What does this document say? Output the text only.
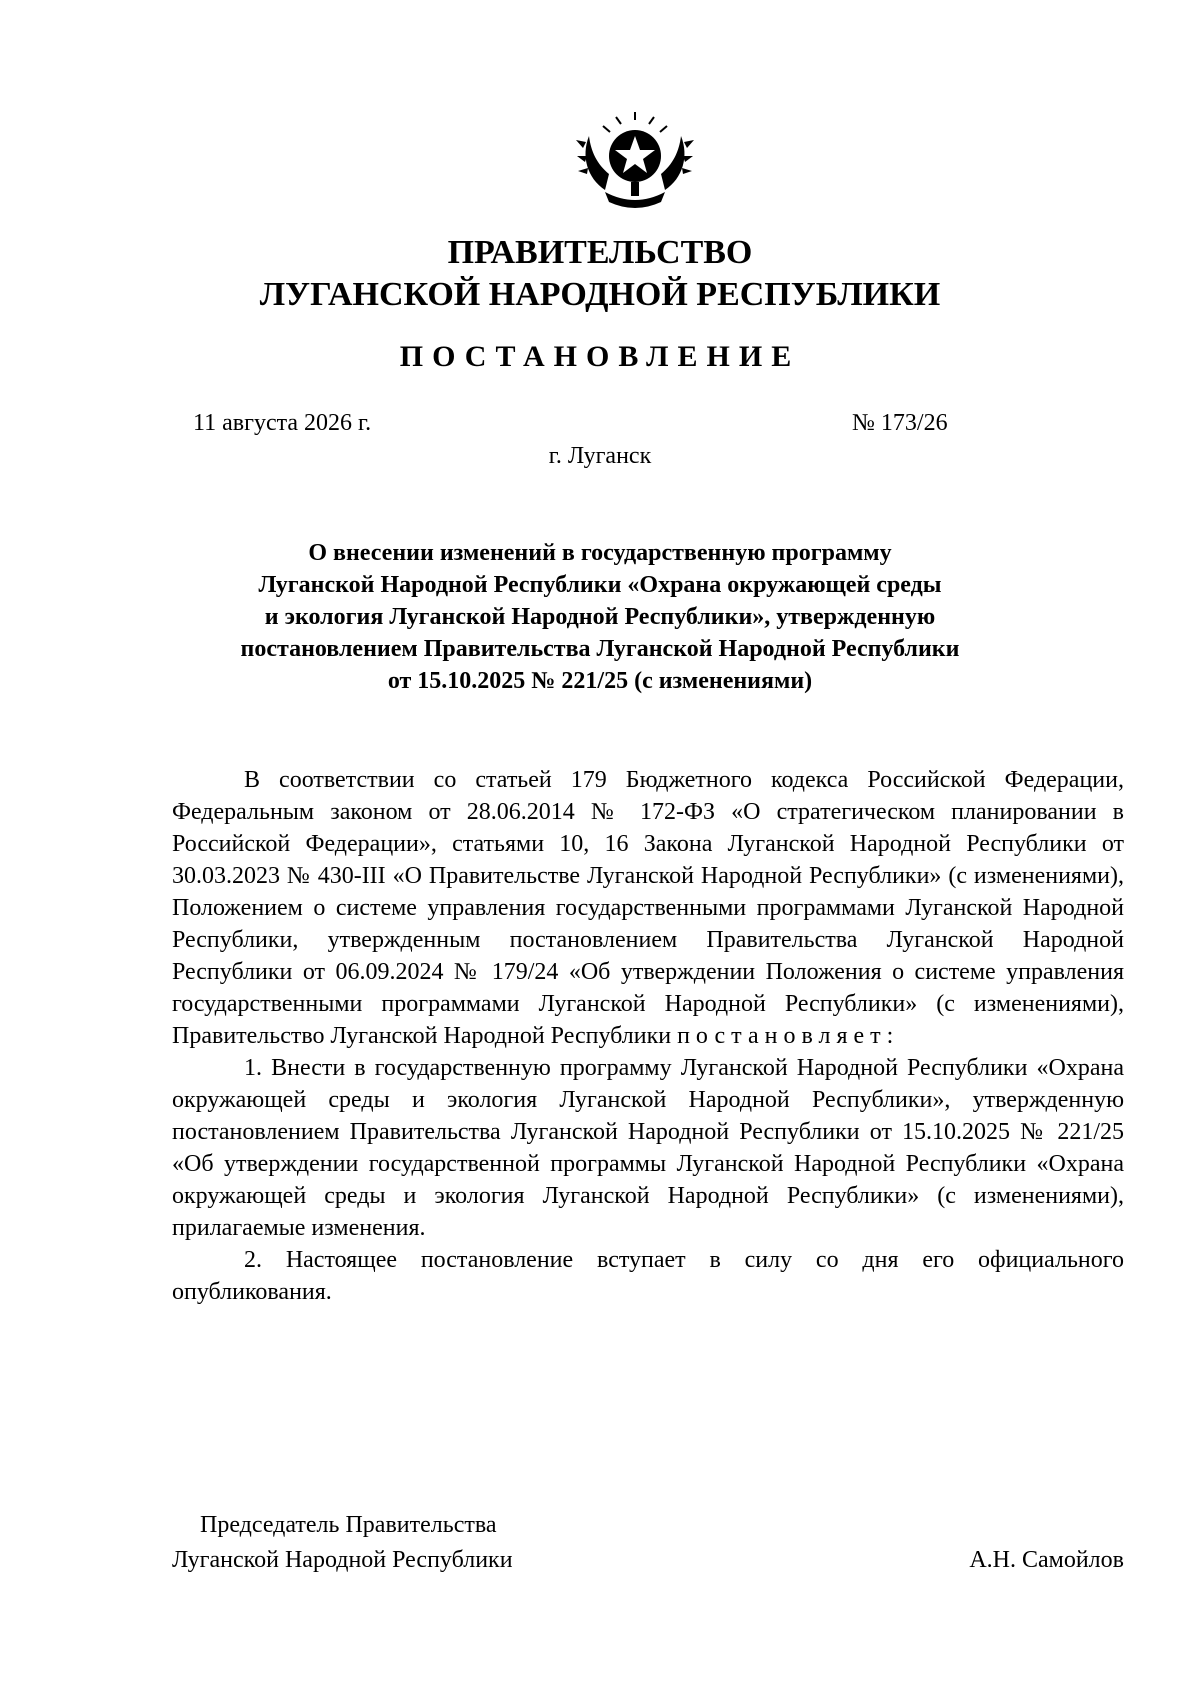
ПРАВИТЕЛЬСТВО
ЛУГАНСКОЙ НАРОДНОЙ РЕСПУБЛИКИ
ПОСТАНОВЛЕНИЕ
11 августа 2026 г.	№ 173/26
г. Луганск
О внесении изменений в государственную программу
Луганской Народной Республики «Охрана окружающей среды
и экология Луганской Народной Республики», утвержденную
постановлением Правительства Луганской Народной Республики
от 15.10.2025 № 221/25 (с изменениями)

В соответствии со статьей 179 Бюджетного кодекса Российской Федерации, Федеральным законом от 28.06.2014 № 172-ФЗ «О стратегическом планировании в Российской Федерации», статьями 10, 16 Закона Луганской Народной Республики от 30.03.2023 № 430-III «О Правительстве Луганской Народной Республики» (с изменениями), Положением о системе управления государственными программами Луганской Народной Республики, утвержденным постановлением Правительства Луганской Народной Республики от 06.09.2024 № 179/24 «Об утверждении Положения о системе управления государственными программами Луганской Народной Республики» (с изменениями), Правительство Луганской Народной Республики постановляет:

1. Внести в государственную программу Луганской Народной Республики «Охрана окружающей среды и экология Луганской Народной Республики», утвержденную постановлением Правительства Луганской Народной Республики от 15.10.2025 № 221/25 «Об утверждении государственной программы Луганской Народной Республики «Охрана окружающей среды и экология Луганской Народной Республики» (с изменениями), прилагаемые изменения.

2. Настоящее постановление вступает в силу со дня его официального опубликования.

Председатель Правительства
Луганской Народной Республики	А.Н. Самойлов
